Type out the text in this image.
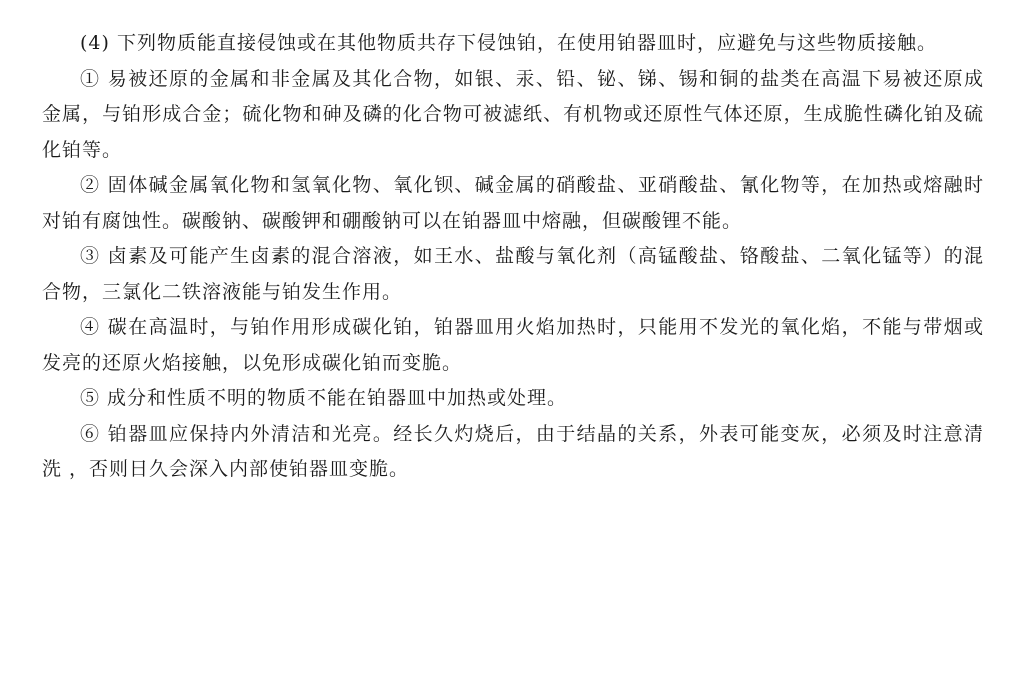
(4) 下列物质能直接侵蚀或在其他物质共存下侵蚀铂，在使用铂器皿时，应避免与这些物质接触。

① 易被还原的金属和非金属及其化合物，如银、汞、铅、铋、锑、锡和铜的盐类在高温下易被还原成金属，与铂形成合金；硫化物和砷及磷的化合物可被滤纸、有机物或还原性气体还原，生成脆性磷化铂及硫化铂等。

② 固体碱金属氧化物和氢氧化物、氧化钡、碱金属的硝酸盐、亚硝酸盐、氰化物等，在加热或熔融时对铂有腐蚀性。碳酸钠、碳酸钾和硼酸钠可以在铂器皿中熔融，但碳酸锂不能。

③ 卤素及可能产生卤素的混合溶液，如王水、盐酸与氧化剂（高锰酸盐、铬酸盐、二氧化锰等）的混合物，三氯化二铁溶液能与铂发生作用。

④ 碳在高温时，与铂作用形成碳化铂，铂器皿用火焰加热时，只能用不发光的氧化焰，不能与带烟或发亮的还原火焰接触，以免形成碳化铂而变脆。

⑤ 成分和性质不明的物质不能在铂器皿中加热或处理。

⑥ 铂器皿应保持内外清洁和光亮。经长久灼烧后，由于结晶的关系，外表可能变灰，必须及时注意清洗 ，否则日久会深入内部使铂器皿变脆。
